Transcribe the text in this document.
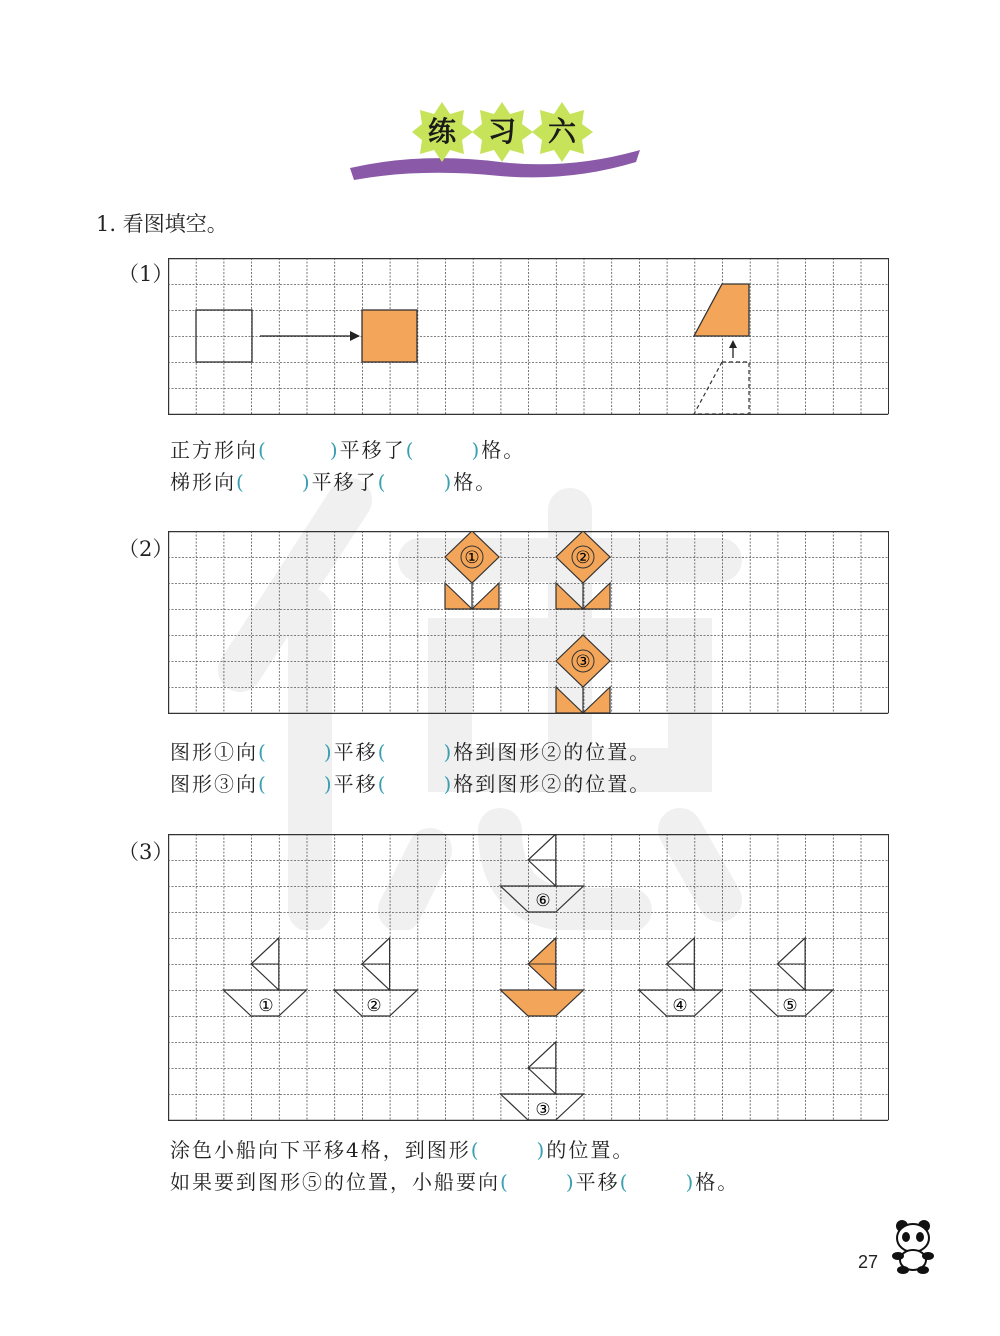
练	习	六
1. 看图填空。
（1）
正方形向(	)平移了(	)格。
梯形向(	)平移了(	)格。
（2）	①	②
③
图形①向(	)平移(	)格到图形②的位置。
图形③向(	)平移(	)格到图形②的位置。
（3）
①	②
⑥
④	⑤
③
涂色小船向下平移4格，到图形(	)的位置。
如果要到图形⑤的位置，小船要向(	)平移(	)格。
27
